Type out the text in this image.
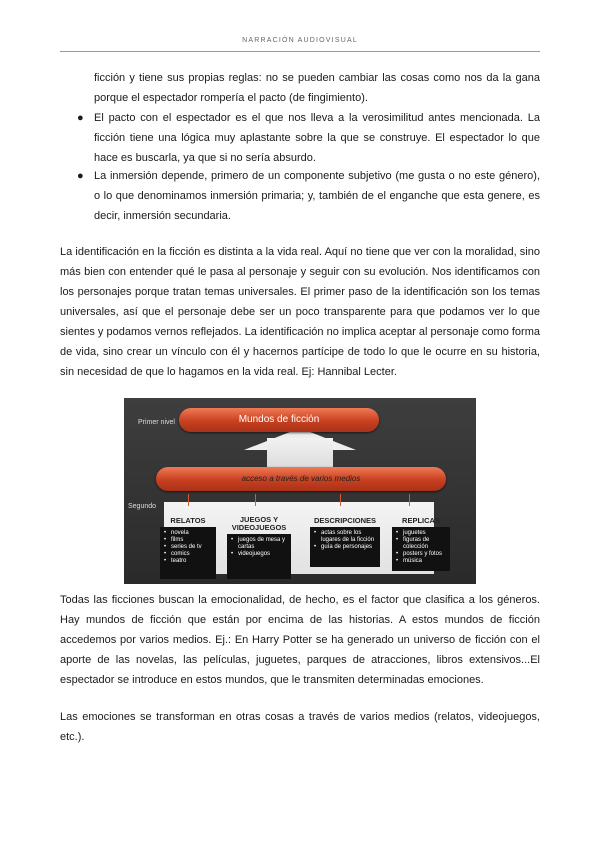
NARRACIÓN AUDIOVISUAL
ficción y tiene sus propias reglas: no se pueden cambiar las cosas como nos da la gana
porque el espectador rompería el pacto (de fingimiento).
● El pacto con el espectador es el que nos lleva a la verosimilitud antes mencionada. La
ficción tiene una lógica muy aplastante sobre la que se construye. El espectador lo que
hace es buscarla, ya que si no sería absurdo.
● La inmersión depende, primero de un componente subjetivo (me gusta o no este género),
o lo que denominamos inmersión primaria; y, también de el enganche que esta genere, es
decir, inmersión secundaria.
La identificación en la ficción es distinta a la vida real. Aquí no tiene que ver con la moralidad, sino
más bien con entender qué le pasa al personaje y seguir con su evolución. Nos identificamos con
los personajes porque tratan temas universales. El primer paso de la identificación son los temas
universales, así que el personaje debe ser un poco transparente para que podamos ver lo que
sientes y podamos vernos reflejados. La identificación no implica aceptar al personaje como forma
de vida, sino crear un vínculo con él y hacernos partícipe de todo lo que le ocurre en su historia,
sin necesidad de que lo hagamos en la vida real. Ej: Hannibal Lecter.
Primer nivel
Segundo
Mundos de ficción
acceso a través de varios medios
RELATOS
• novela
• films
• series de tv
• comics
• teatro
JUEGOS Y VIDEOJUEGOS
• juegos de mesa y cartas
• videojuegos
DESCRIPCIONES
• actas sobre los lugares de la ficción
• guía de personajes
REPLICAS
• juguetes
• figuras de colección
• posters y fotos
• música
Todas las ficciones buscan la emocionalidad, de hecho, es el factor que clasifica a los géneros.
Hay mundos de ficción que están por encima de las historias. A estos mundos de ficción
accedemos por varios medios. Ej.: En Harry Potter se ha generado un universo de ficción con el
aporte de las novelas, las películas, juguetes, parques de atracciones, libros extensivos...El
espectador se introduce en estos mundos, que le transmiten determinadas emociones.
Las emociones se transforman en otras cosas a través de varios medios (relatos, videojuegos,
etc.).
